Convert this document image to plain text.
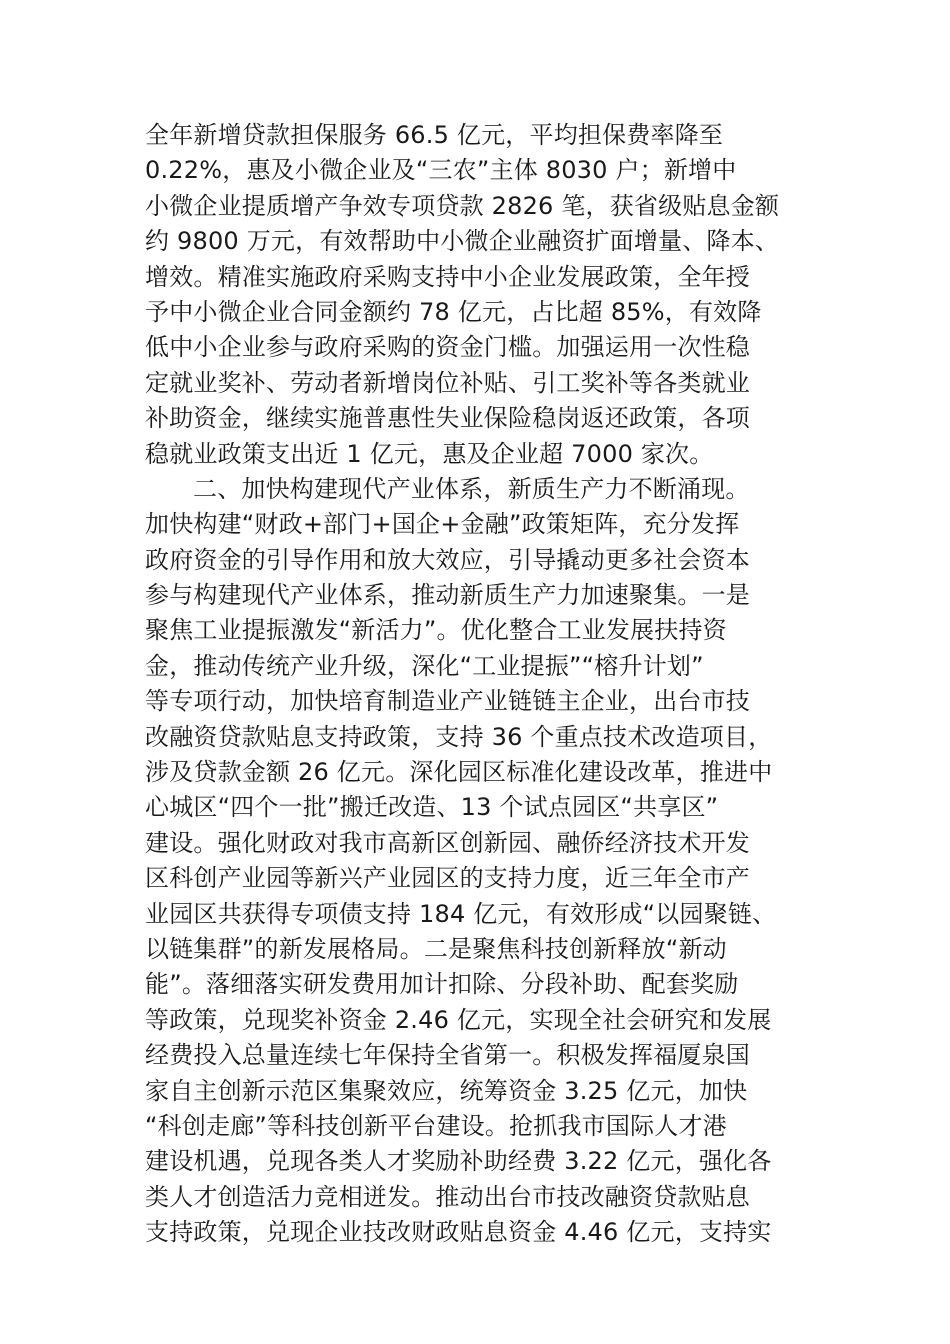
全年新增贷款担保服务 66.5 亿元，平均担保费率降至
0.22%，惠及小微企业及“三农”主体 8030 户；新增中
小微企业提质增产争效专项贷款 2826 笔，获省级贴息金额
约 9800 万元，有效帮助中小微企业融资扩面增量、降本、
增效。精准实施政府采购支持中小企业发展政策，全年授
予中小微企业合同金额约 78 亿元，占比超 85%，有效降
低中小企业参与政府采购的资金门槛。加强运用一次性稳
定就业奖补、劳动者新增岗位补贴、引工奖补等各类就业
补助资金，继续实施普惠性失业保险稳岗返还政策，各项
稳就业政策支出近 1 亿元，惠及企业超 7000 家次。
二、加快构建现代产业体系，新质生产力不断涌现。
加快构建“财政+部门+国企+金融”政策矩阵，充分发挥
政府资金的引导作用和放大效应，引导撬动更多社会资本
参与构建现代产业体系，推动新质生产力加速聚集。一是
聚焦工业提振激发“新活力”。优化整合工业发展扶持资
金，推动传统产业升级，深化“工业提振”“榕升计划”
等专项行动，加快培育制造业产业链链主企业，出台市技
改融资贷款贴息支持政策，支持 36 个重点技术改造项目，
涉及贷款金额 26 亿元。深化园区标准化建设改革，推进中
心城区“四个一批”搬迁改造、13 个试点园区“共享区”
建设。强化财政对我市高新区创新园、融侨经济技术开发
区科创产业园等新兴产业园区的支持力度，近三年全市产
业园区共获得专项债支持 184 亿元，有效形成“以园聚链、
以链集群”的新发展格局。二是聚焦科技创新释放“新动
能”。落细落实研发费用加计扣除、分段补助、配套奖励
等政策，兑现奖补资金 2.46 亿元，实现全社会研究和发展
经费投入总量连续七年保持全省第一。积极发挥福厦泉国
家自主创新示范区集聚效应，统筹资金 3.25 亿元，加快
“科创走廊”等科技创新平台建设。抢抓我市国际人才港
建设机遇，兑现各类人才奖励补助经费 3.22 亿元，强化各
类人才创造活力竞相迸发。推动出台市技改融资贷款贴息
支持政策，兑现企业技改财政贴息资金 4.46 亿元，支持实
